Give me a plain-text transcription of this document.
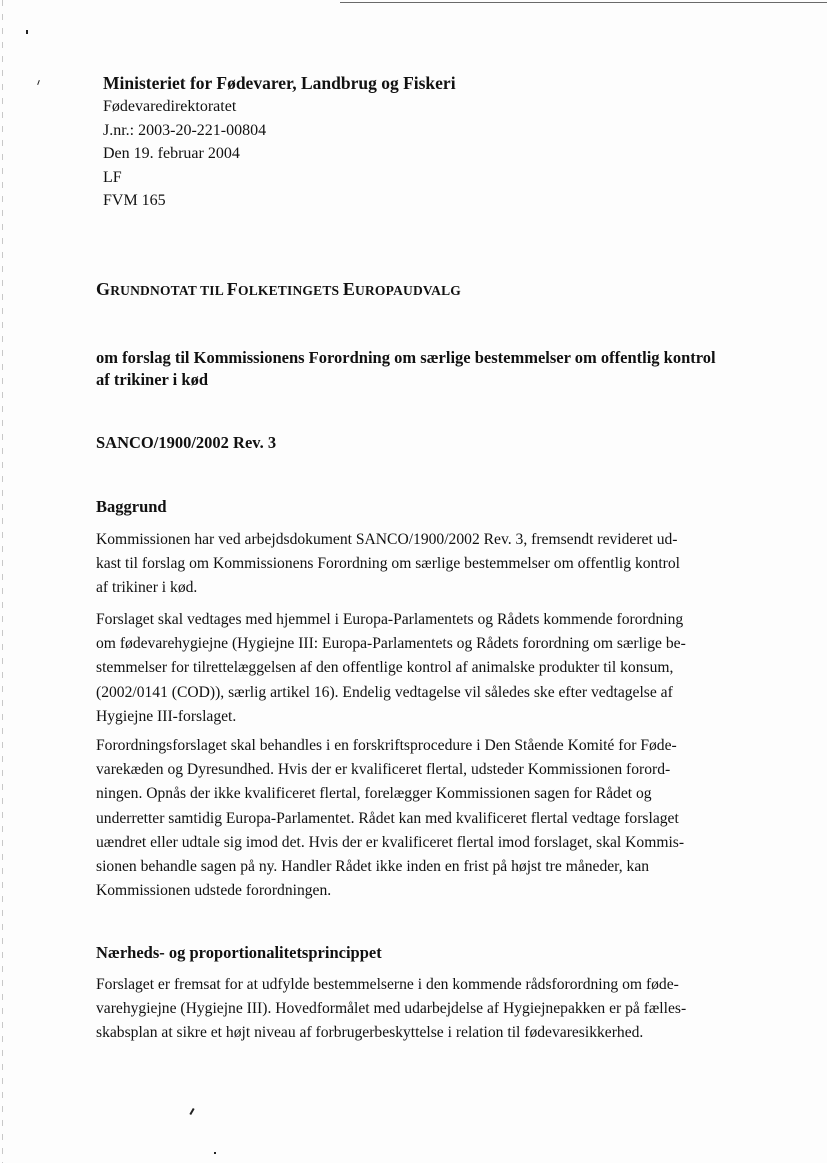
Ministeriet for Fødevarer, Landbrug og Fiskeri
Fødevaredirektoratet
J.nr.: 2003-20-221-00804
Den 19. februar 2004
LF
FVM 165
GRUNDNOTAT TIL FOLKETINGETS EUROPAUDVALG
om forslag til Kommissionens Forordning om særlige bestemmelser om offentlig kontrol
af trikiner i kød
SANCO/1900/2002 Rev. 3
Baggrund
Kommissionen har ved arbejdsdokument SANCO/1900/2002 Rev. 3, fremsendt revideret ud-
kast til forslag om Kommissionens Forordning om særlige bestemmelser om offentlig kontrol
af trikiner i kød.
Forslaget skal vedtages med hjemmel i Europa-Parlamentets og Rådets kommende forordning
om fødevarehygiejne (Hygiejne III: Europa-Parlamentets og Rådets forordning om særlige be-
stemmelser for tilrettelæggelsen af den offentlige kontrol af animalske produkter til konsum,
(2002/0141 (COD)), særlig artikel 16). Endelig vedtagelse vil således ske efter vedtagelse af
Hygiejne III-forslaget.
Forordningsforslaget skal behandles i en forskriftsprocedure i Den Stående Komité for Føde-
varekæden og Dyresundhed. Hvis der er kvalificeret flertal, udsteder Kommissionen forord-
ningen. Opnås der ikke kvalificeret flertal, forelægger Kommissionen sagen for Rådet og
underretter samtidig Europa-Parlamentet. Rådet kan med kvalificeret flertal vedtage forslaget
uændret eller udtale sig imod det. Hvis der er kvalificeret flertal imod forslaget, skal Kommis-
sionen behandle sagen på ny. Handler Rådet ikke inden en frist på højst tre måneder, kan
Kommissionen udstede forordningen.
Nærheds- og proportionalitetsprincippet
Forslaget er fremsat for at udfylde bestemmelserne i den kommende rådsforordning om føde-
varehygiejne (Hygiejne III). Hovedformålet med udarbejdelse af Hygiejnepakken er på fælles-
skabsplan at sikre et højt niveau af forbrugerbeskyttelse i relation til fødevaresikkerhed.
